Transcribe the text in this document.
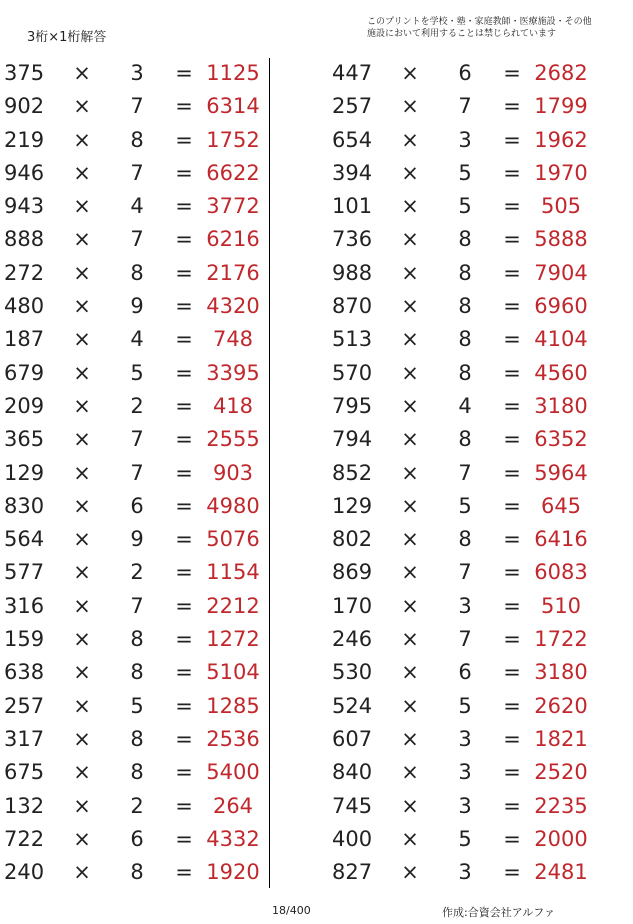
3桁×1桁解答
このプリントを学校・塾・家庭教師・医療施設・その他
施設において利用することは禁じられています
375 × 3 = 1125
902 × 7 = 6314
219 × 8 = 1752
946 × 7 = 6622
943 × 4 = 3772
888 × 7 = 6216
272 × 8 = 2176
480 × 9 = 4320
187 × 4 = 748
679 × 5 = 3395
209 × 2 = 418
365 × 7 = 2555
129 × 7 = 903
830 × 6 = 4980
564 × 9 = 5076
577 × 2 = 1154
316 × 7 = 2212
159 × 8 = 1272
638 × 8 = 5104
257 × 5 = 1285
317 × 8 = 2536
675 × 8 = 5400
132 × 2 = 264
722 × 6 = 4332
240 × 8 = 1920
447 × 6 = 2682
257 × 7 = 1799
654 × 3 = 1962
394 × 5 = 1970
101 × 5 = 505
736 × 8 = 5888
988 × 8 = 7904
870 × 8 = 6960
513 × 8 = 4104
570 × 8 = 4560
795 × 4 = 3180
794 × 8 = 6352
852 × 7 = 5964
129 × 5 = 645
802 × 8 = 6416
869 × 7 = 6083
170 × 3 = 510
246 × 7 = 1722
530 × 6 = 3180
524 × 5 = 2620
607 × 3 = 1821
840 × 3 = 2520
745 × 3 = 2235
400 × 5 = 2000
827 × 3 = 2481
18/400	作成:合資会社アルファ
